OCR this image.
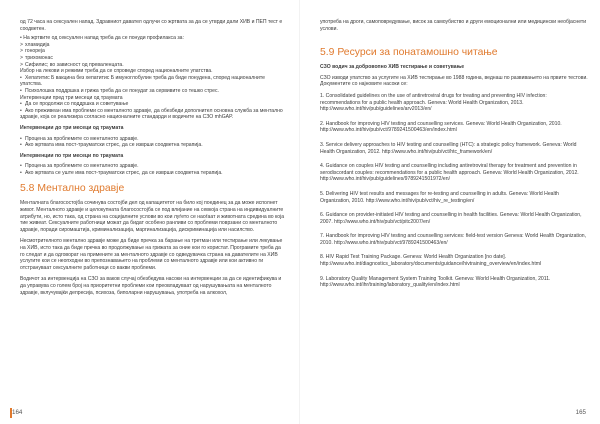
од 72 часа на сексуален напад. Здравниот давател одлучи со жртвата за да се утврди дали ХИВ и ПЕП тест е соодветен.

• На жртвите од сексуален напад треба да се понуди профилакса за:

> хламидија
> гонореја
> трихомонас
> Сифилис; во зависност од преваленцата.

Избор на лекови и режими треба да се спроведе според националните упатства.

• Хепатитис Б вакцина без хепатитис Б имуноглобулин треба да биде понудена, според националните упатства.
• Психолошка поддршка и грижа треба да се понудат за сервивите со тешко стрес.

Интервенции пред три месеци од траумата

• Да се продолжи со поддршка и советување
• Ако преживеан има проблеми со менталното здравје, да обезбеди дополнител основна служба за ментално здравје, која се реализира согласно националните стандарди и водичите на СЗО mhGAP.

Интервенции до три месеци од траумата

• Процена за проблемите со менталното здравје.
• Ако жртвата има пост-трауматски стрес, да се изврши соодветна терапија.

Интервенции по три месеци по траумата

• Процена за проблемите со менталното здравје.
• Ако жртвата се уште има пост-трауматски стрес, да се изврши соодветна терапија.
5.8 Ментално здравје

Менталната благосостојба сочинува состојби дел од капацитетот на било кој поединец за да може исполнет живот. Менталното здравје и целокупната благосостојба се под влијание на севкоја страна на индивидуалните атрибути, но, исто така, од страна на социјалните услови во кои луѓето се наоѓаат и животната средина во која тие живеат. Сексуалните работници можат да бидат особено ранливи со проблеми поврзани со менталното здравје, поради сиромаштија, криминализација, маргинализација, дискриминација или насилство.

Несмотрителното ментално здравје може да биде пречка за барање на третман или тестирање или лекување на ХИВ, исто така да биде пречка во продолжување на грижата за оние кои го користат. Програмите треба да го следат и да одговорат на примените за менталното здравје со одведувачка страна на давателите на ХИВ услугите кои се неопходни во препознавањето на проблеми со менталното здравје или кои активно ги отстрануваат сексуалните работници со вакви проблеми.

Водичот за интервенција на СЗО за ваков случај обезбедува насоки на интервенции за да се идентификува и да управува со голем број на приоритетни проблеми кои преовладуваат од нарушувањата на менталното здравје, вклучувајќи депресија, психоза, биполарни нарушувања, употреба на алкохол,

употреба на дроги, самоповредување, висок за самоубиство и други емоционални или медицински необјаснети услови.

5.9 Ресурси за понатамошно читање

СЗО водич за добровопно ХИВ тестирање и советување

СЗО изводи упатство за услугите на ХИВ тестирање во 1988 година, веднаш по развивањето на првите тестови. Документите со најновите насоки се:

1. Consolidated guidelines on the use of antiretroviral drugs for treating and preventing HIV infection: recommendations for a public health approach. Geneva: World Health Organization, 2013. http://www.who.int/hiv/pub/guidelines/arv2013/en/

2. Handbook for improving HIV testing and counselling services. Geneva: World Health Organization, 2010. http://www.who.int/hiv/pub/vct/9789241500463/en/index.html

3. Service delivery approaches to HIV testing and counselling (HTC): a strategic policy framework. Geneva: World Health Organization, 2012. http://www.who.int/hiv/pub/vct/htc_framework/en/

4. Guidance on couples HIV testing and counselling including antiretroviral therapy for treatment and prevention in serodiscordant couples: recommendations for a public health approach. Geneva: World Health Organization, 2012. http://www.who.int/hiv/pub/guidelines/9789241501972/en/

5. Delivering HIV test results and messages for re-testing and counselling in adults. Geneva: World Health Organization, 2010. http://www.who.int/hiv/pub/vct/hiv_re_testing/en/

6. Guidance on provider-initiated HIV testing and counselling in health facilities. Geneva: World Health Organization, 2007. http://www.who.int/hiv/pub/vct/pitc2007/en/

7. Handbook for improving HIV testing and counselling services: field-test version Geneva: World Health Organization, 2010. http://www.who.int/hiv/pub/vct/9789241500463/en/

8. HIV Rapid Test Training Package. Geneva: World Health Organization [no date]. http://www.who.int/diagnostics_laboratory/documents/guidance/hivtraining_overview/en/index.html

9. Laboratory Quality Management System Training Toolkit. Geneva: World Health Organization, 2011. http://www.who.int/ihr/training/laboratory_quality/en/index.html

164	165
